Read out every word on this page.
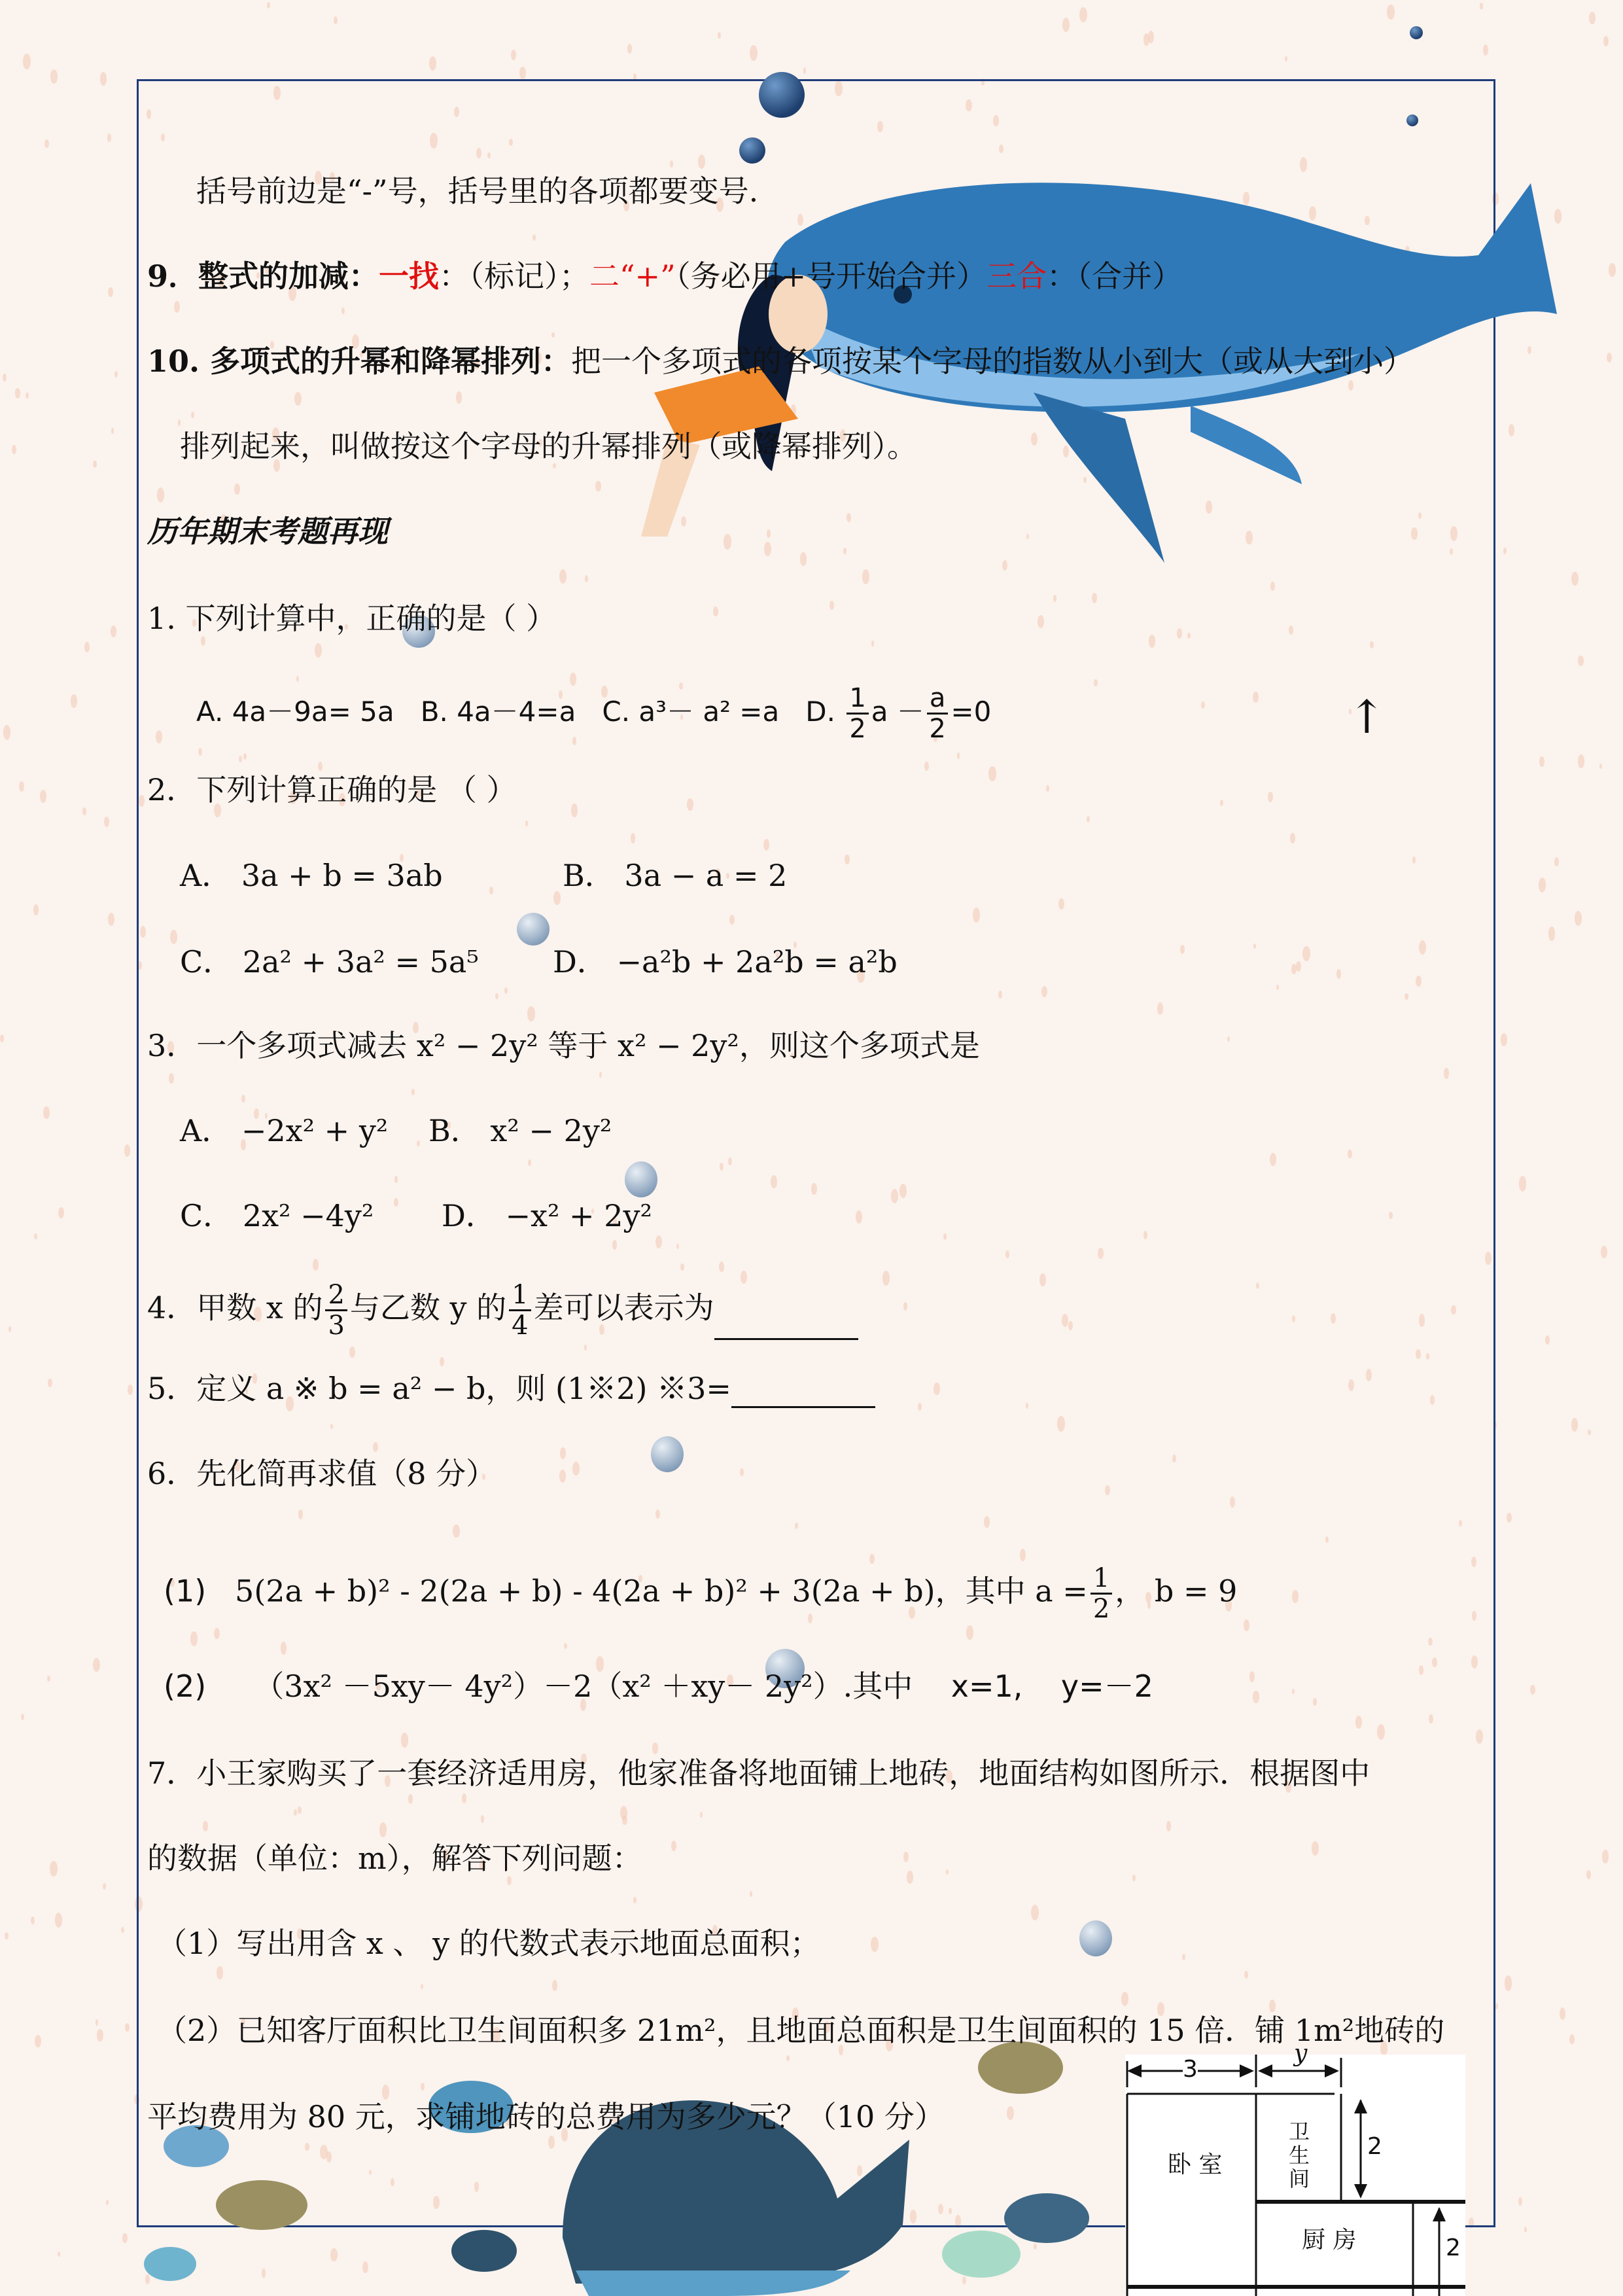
↑
括号前边是“-”号，括号里的各项都要变号.
9．整式的加减：一找：（标记）；二“+”（务必用+号开始合并）三合：（合并）
10. 多项式的升幂和降幂排列：把一个多项式的各项按某个字母的指数从小到大（或从大到小）
排列起来，叫做按这个字母的升幂排列（或降幂排列）。
历年期末考题再现
1. 下列计算中，正确的是（ ）
A. 4a－9a= 5a B. 4a－4=a C. a³－ a² =a D. $\frac{1}{2}$ $a - \frac{a}{2} =0$
2．下列计算正确的是 （ ）
A． 3a + b = 3ab	B． 3a − a = 2
C． 2a² + 3a² = 5a⁵ D． −a²b + 2a²b = a²b
3．一个多项式减去 x² − 2y² 等于 x² − 2y²，则这个多项式是
A． −2x² + y² B． x² − 2y²
C． 2x² −4y² D． −x² + 2y²
4．甲数 x 的 $\frac{2}{3}$ 与乙数 y 的 $\frac{1}{4}$ 差可以表示为
5．定义 a ※ b = a² − b，则 (1※2) ※3=
6．先化简再求值（8 分）
(1) 5(2a + b)² - 2(2a + b) - 4(2a + b)² + 3(2a + b)，其中 $a = \frac{1}{2}$ ， b = 9
(2) （3x² －5xy－ 4y²）－2（x² ＋xy－ 2y²）.其中 x=1, y=－2
7．小王家购买了一套经济适用房，他家准备将地面铺上地砖，地面结构如图所示．根据图中
的数据（单位：m），解答下列问题：
（1）写出用含 x 、 y 的代数式表示地面总面积；
（2）已知客厅面积比卫生间面积多 21m²，且地面总面积是卫生间面积的 15 倍．铺 1m²地砖的
平均费用为 80 元，求铺地砖的总费用为多少元？（10 分）
3
y
卧 室
卫生间
2
厨 房	2
